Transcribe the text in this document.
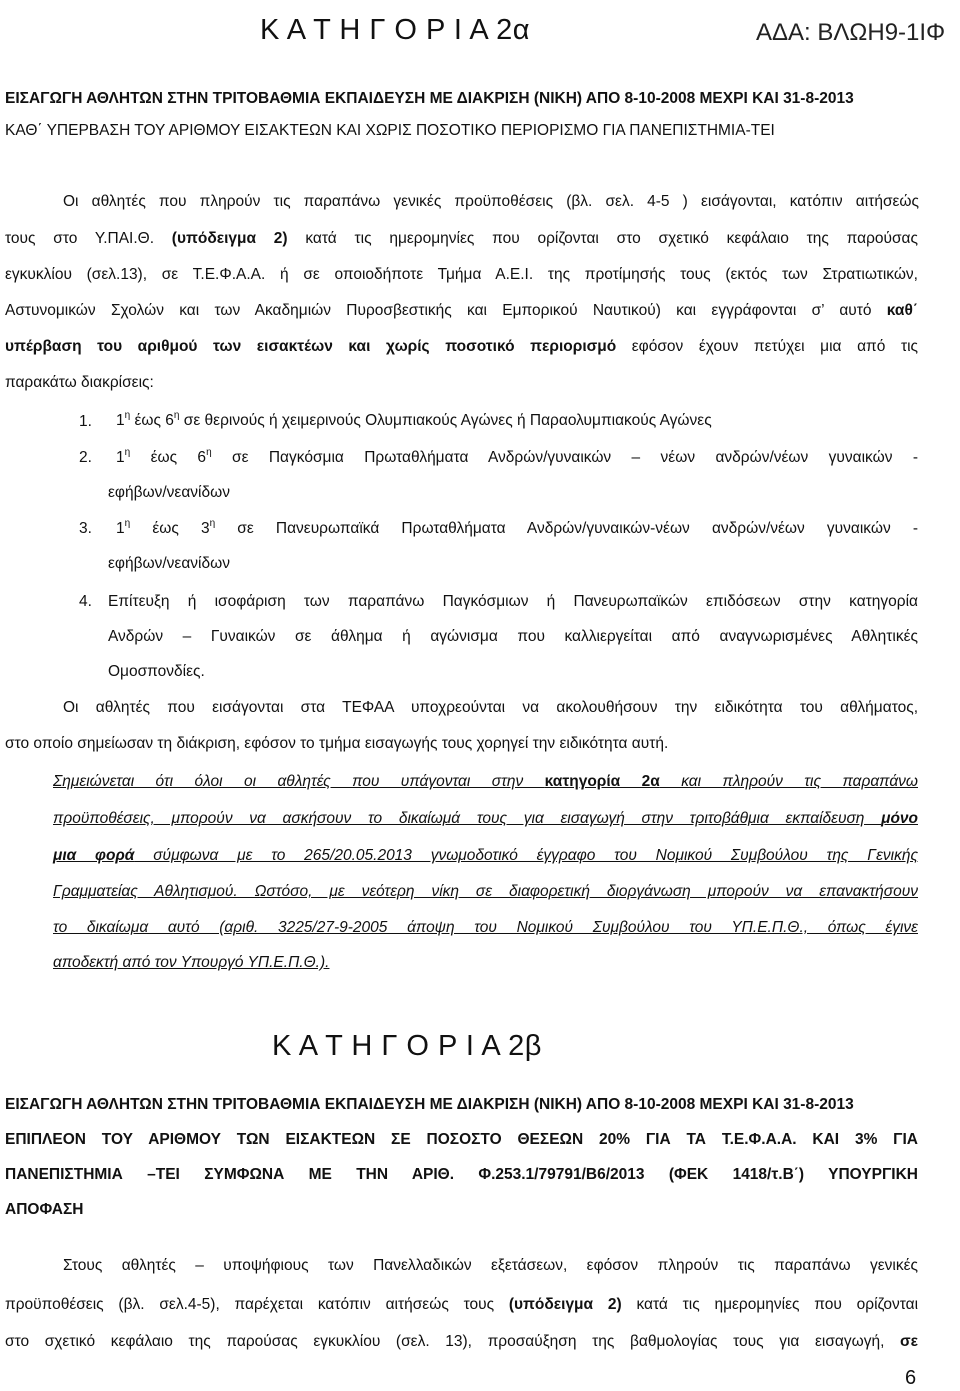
Κ Α Τ Η Γ Ο Ρ Ι Α 2α	ΑΔΑ: ΒΛΩΗ9-1ΙΦ
ΕΙΣΑΓΩΓΗ ΑΘΛΗΤΩΝ ΣΤΗΝ ΤΡΙΤΟΒΑΘΜΙΑ ΕΚΠΑΙΔΕΥΣΗ ΜΕ ΔΙΑΚΡΙΣΗ (ΝΙΚΗ) ΑΠΟ 8-10-2008 ΜΕΧΡΙ ΚΑΙ 31-8-2013
ΚΑΘ΄ ΥΠΕΡΒΑΣΗ ΤΟΥ ΑΡΙΘΜΟΥ ΕΙΣΑΚΤΕΩΝ ΚΑΙ ΧΩΡΙΣ ΠΟΣΟΤΙΚΟ ΠΕΡΙΟΡΙΣΜΟ ΓΙΑ ΠΑΝΕΠΙΣΤΗΜΙΑ-ΤΕΙ
Οι αθλητές που πληρούν τις παραπάνω γενικές προϋποθέσεις (βλ. σελ. 4-5 ) εισάγονται, κατόπιν αιτήσεώς
τους στο Υ.ΠΑΙ.Θ. (υπόδειγμα 2) κατά τις ημερομηνίες που ορίζονται στο σχετικό κεφάλαιο της παρούσας
εγκυκλίου (σελ.13), σε Τ.Ε.Φ.Α.Α. ή σε οποιοδήποτε Τμήμα Α.Ε.Ι. της προτίμησής τους (εκτός των Στρατιωτικών,
Αστυνομικών Σχολών και των Ακαδημιών Πυροσβεστικής και Εμπορικού Ναυτικού) και εγγράφονται σ’ αυτό καθ΄
υπέρβαση του αριθμού των εισακτέων και χωρίς ποσοτικό περιορισμό εφόσον έχουν πετύχει μια από τις
παρακάτω διακρίσεις:
1. $1^\eta$ έως $6^\eta$ σε θερινούς ή χειμερινούς Ολυμπιακούς Αγώνες ή Παραολυμπιακούς Αγώνες
2. $1^\eta$ έως $6^\eta$ σε Παγκόσμια Πρωταθλήματα Ανδρών/γυναικών – νέων ανδρών/νέων γυναικών -
εφήβων/νεανίδων
3. $1^\eta$ έως $3^\eta$ σε Πανευρωπαϊκά Πρωταθλήματα Ανδρών/γυναικών-νέων ανδρών/νέων γυναικών -
εφήβων/νεανίδων
4. Επίτευξη ή ισοφάριση των παραπάνω Παγκόσμιων ή Πανευρωπαϊκών επιδόσεων στην κατηγορία
Ανδρών – Γυναικών σε άθλημα ή αγώνισμα που καλλιεργείται από αναγνωρισμένες Αθλητικές
Ομοσπονδίες.
Οι αθλητές που εισάγονται στα ΤΕΦΑΑ υποχρεούνται να ακολουθήσουν την ειδικότητα του αθλήματος,
στο οποίο σημείωσαν τη διάκριση, εφόσον το τμήμα εισαγωγής τους χορηγεί την ειδικότητα αυτή.
Σημειώνεται ότι όλοι οι αθλητές που υπάγονται στην κατηγορία 2α και πληρούν τις παραπάνω
προϋποθέσεις, μπορούν να ασκήσουν το δικαίωμά τους για εισαγωγή στην τριτοβάθμια εκπαίδευση μόνο
μια φορά σύμφωνα με το 265/20.05.2013 γνωμοδοτικό έγγραφο του Νομικού Συμβούλου της Γενικής
Γραμματείας Αθλητισμού. Ωστόσο, με νεότερη νίκη σε διαφορετική διοργάνωση μπορούν να επανακτήσουν
το δικαίωμα αυτό (αριθ. 3225/27-9-2005 άποψη του Νομικού Συμβούλου του ΥΠ.Ε.Π.Θ., όπως έγινε
αποδεκτή από τον Υπουργό ΥΠ.Ε.Π.Θ.).
Κ Α Τ Η Γ Ο Ρ Ι Α 2β
ΕΙΣΑΓΩΓΗ ΑΘΛΗΤΩΝ ΣΤΗΝ ΤΡΙΤΟΒΑΘΜΙΑ ΕΚΠΑΙΔΕΥΣΗ ΜΕ ΔΙΑΚΡΙΣΗ (ΝΙΚΗ) ΑΠΟ 8-10-2008 ΜΕΧΡΙ ΚΑΙ 31-8-2013
ΕΠΙΠΛΕΟΝ ΤΟΥ ΑΡΙΘΜΟΥ ΤΩΝ ΕΙΣΑΚΤΕΩΝ ΣΕ ΠΟΣΟΣΤΟ ΘΕΣΕΩΝ 20% ΓΙΑ ΤΑ Τ.Ε.Φ.Α.Α. ΚΑΙ 3% ΓΙΑ
ΠΑΝΕΠΙΣΤΗΜΙΑ –ΤΕΙ ΣΥΜΦΩΝΑ ΜΕ ΤΗΝ ΑΡΙΘ. Φ.253.1/79791/Β6/2013 (ΦΕΚ 1418/τ.Β΄) ΥΠΟΥΡΓΙΚΗ
ΑΠΟΦΑΣΗ
Στους αθλητές – υποψήφιους των Πανελλαδικών εξετάσεων, εφόσον πληρούν τις παραπάνω γενικές
προϋποθέσεις (βλ. σελ.4-5), παρέχεται κατόπιν αιτήσεώς τους (υπόδειγμα 2) κατά τις ημερομηνίες που ορίζονται
στο σχετικό κεφάλαιο της παρούσας εγκυκλίου (σελ. 13), προσαύξηση της βαθμολογίας τους για εισαγωγή, σε
6
